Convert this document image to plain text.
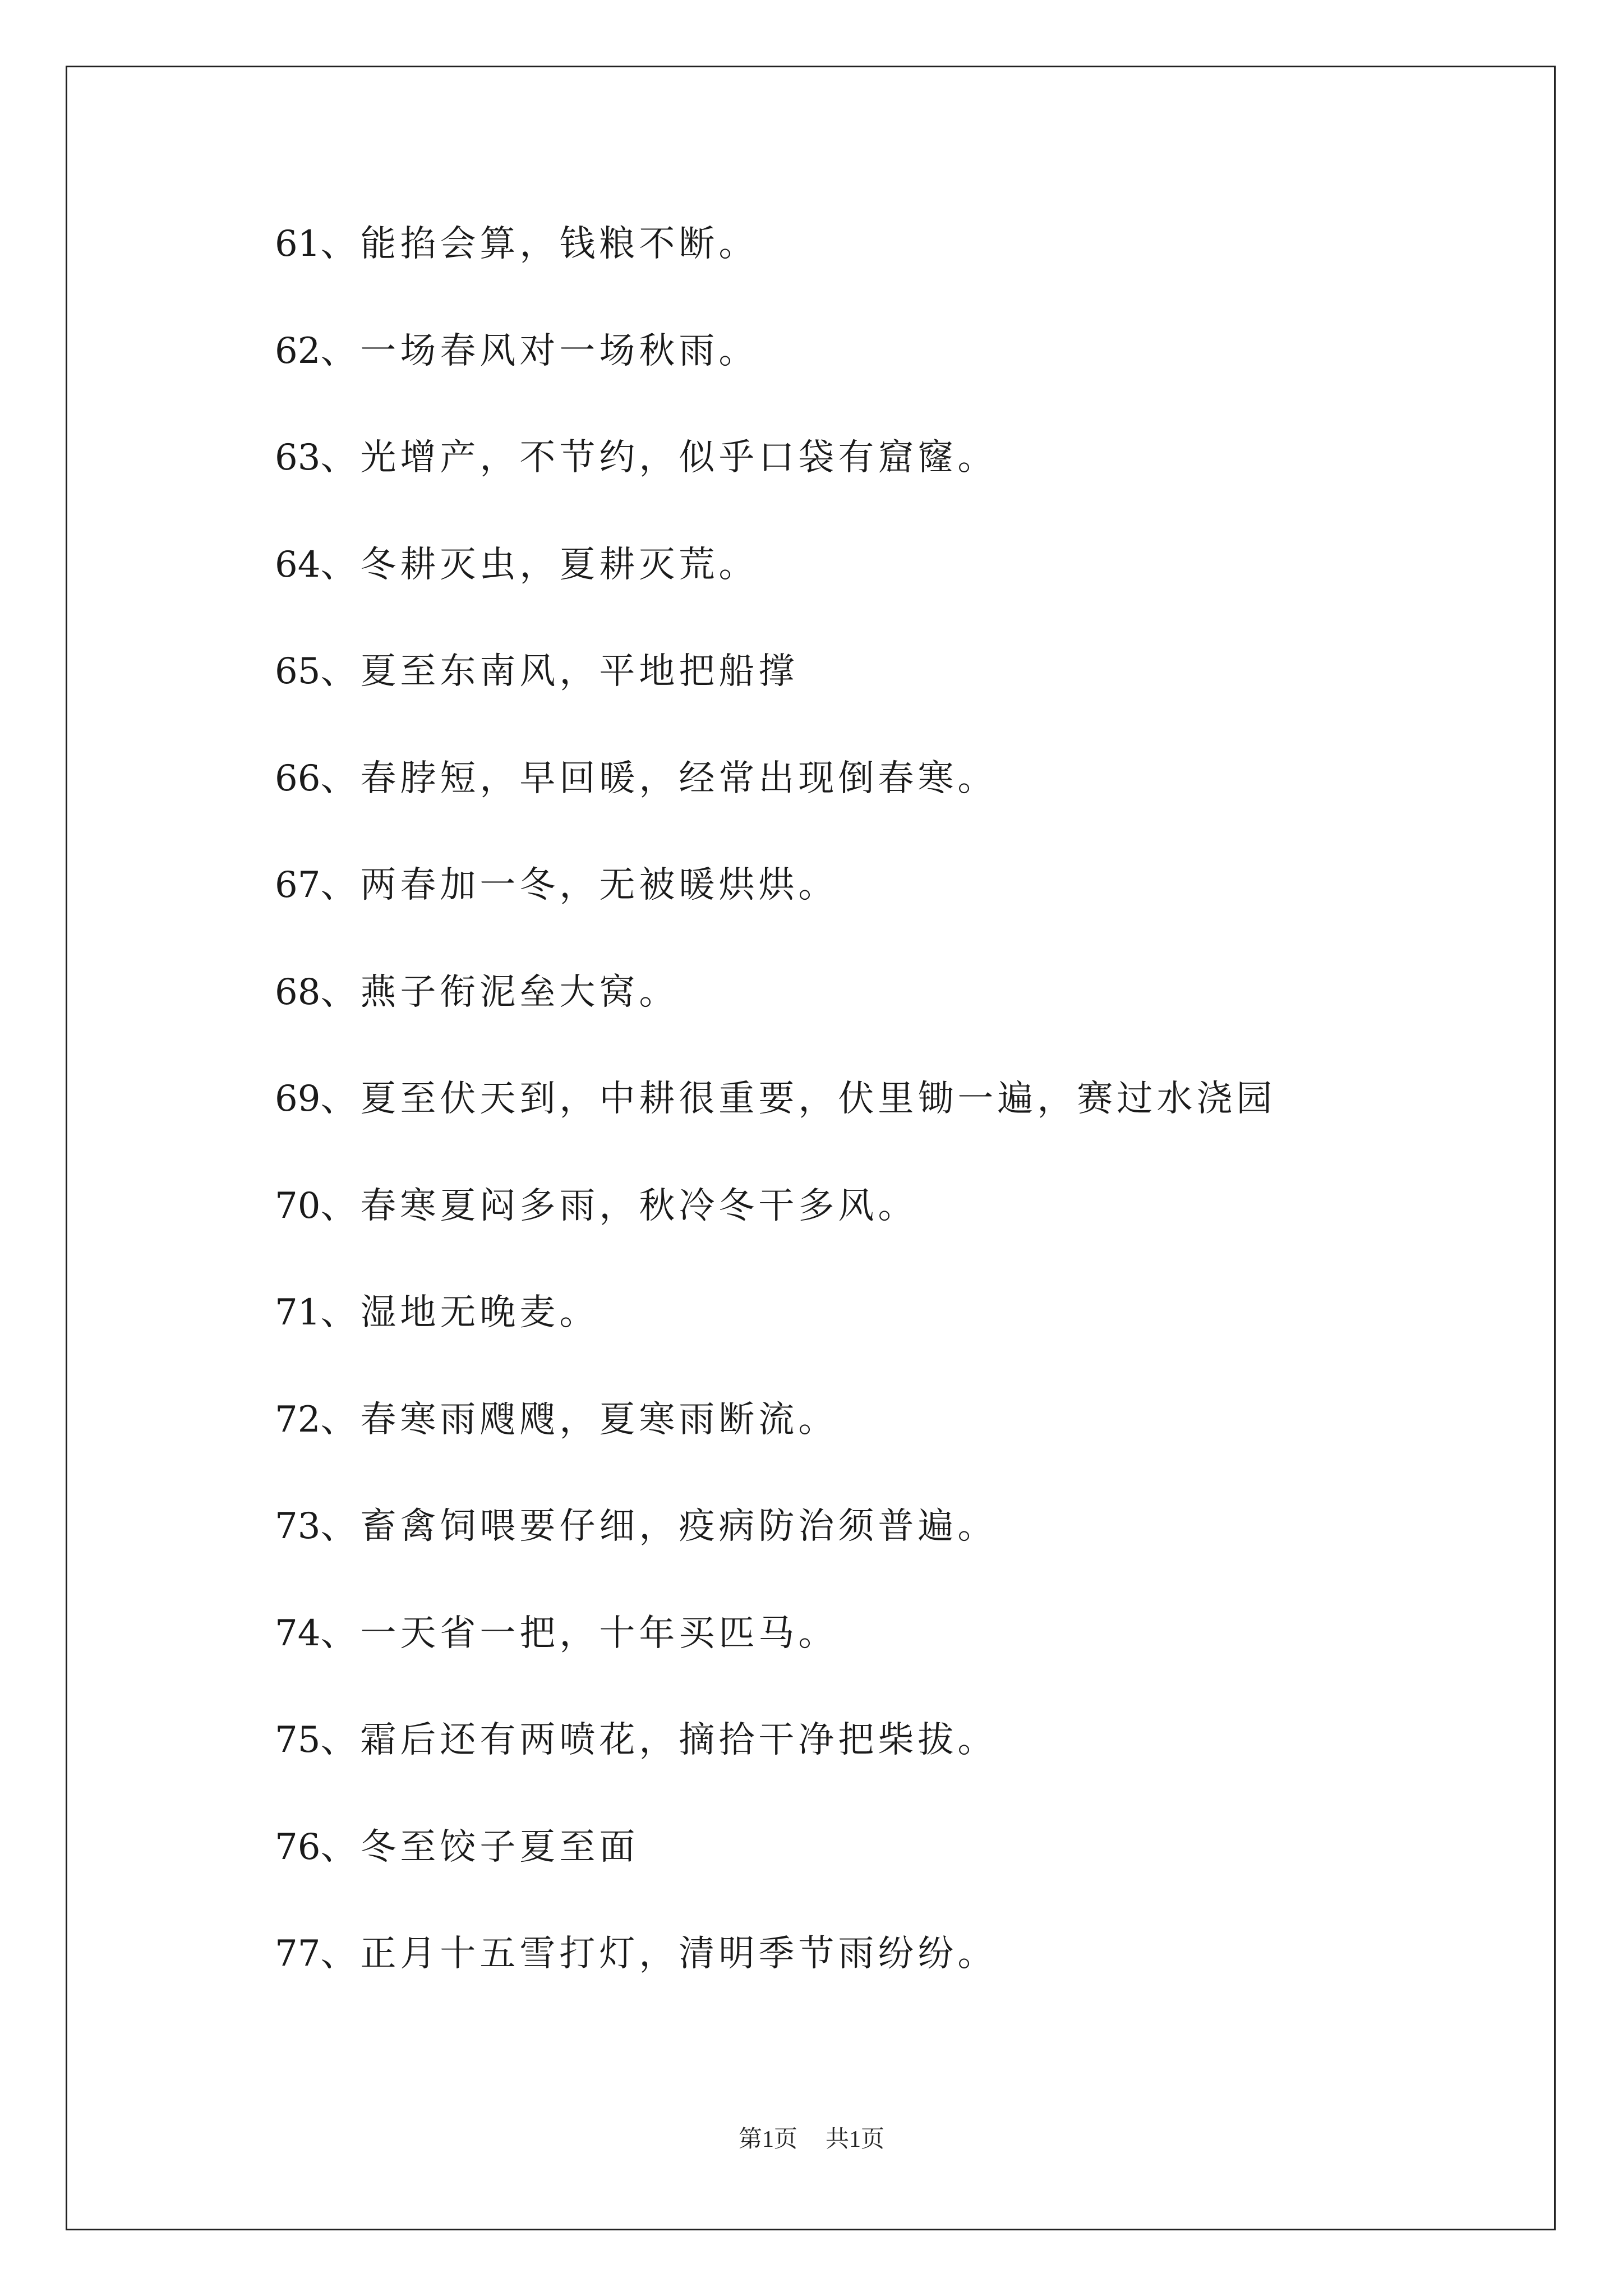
61、能掐会算，钱粮不断。
62、一场春风对一场秋雨。
63、光增产，不节约，似乎口袋有窟窿。
64、冬耕灭虫，夏耕灭荒。
65、夏至东南风，平地把船撑
66、春脖短，早回暖，经常出现倒春寒。
67、两春加一冬，无被暖烘烘。
68、燕子衔泥垒大窝。
69、夏至伏天到，中耕很重要，伏里锄一遍，赛过水浇园
70、春寒夏闷多雨，秋冷冬干多风。
71、湿地无晚麦。
72、春寒雨飕飕，夏寒雨断流。
73、畜禽饲喂要仔细，疫病防治须普遍。
74、一天省一把，十年买匹马。
75、霜后还有两喷花，摘拾干净把柴拔。
76、冬至饺子夏至面
77、正月十五雪打灯，清明季节雨纷纷。
第1页 共1页
